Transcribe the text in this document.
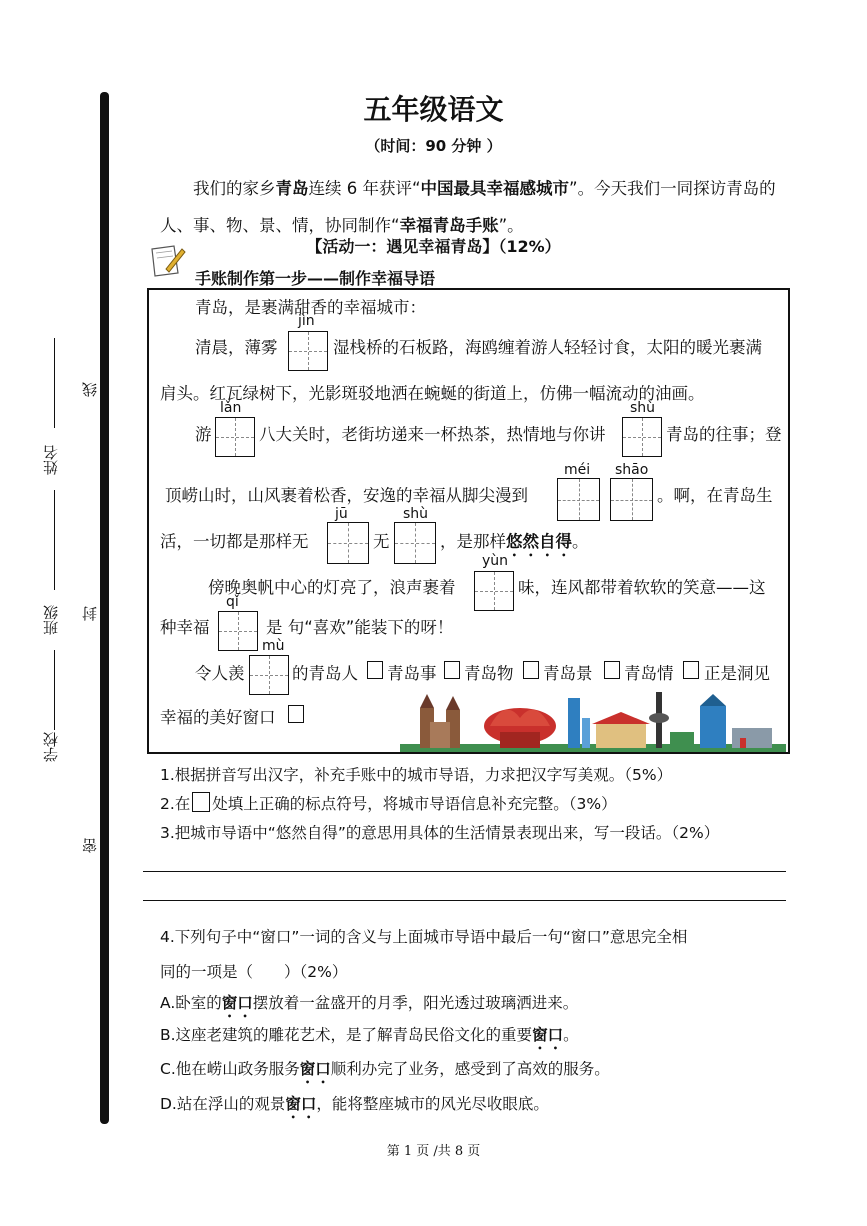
姓名
班级
学校
线
封
密
五年级语文
（时间：90 分钟 ）
我们的家乡青岛连续 6 年获评“中国最具幸福感城市”。今天我们一同探访青岛的人、事、物、景、情，协同制作“幸福青岛手账”。
【活动一：遇见幸福青岛】（12%）
手账制作第一步——制作幸福导语
青岛，是裹满甜香的幸福城市：
jìn
清晨，薄雾	湿栈桥的石板路，海鸥缠着游人轻轻讨食，太阳的暖光裹满
肩头。红瓦绿树下，光影斑驳地洒在蜿蜒的街道上，仿佛一幅流动的油画。
lǎn
游	八大关时，老街坊递来一杯热茶，热情地与你讲
shù
青岛的往事；登
顶崂山时，山风裹着松香，安逸的幸福从脚尖漫到
méi shāo
。啊，在青岛生
活，一切都是那样无
jū
无
shù
，是那样悠然自得。
傍晚奥帆中心的灯亮了，浪声裹着
yùn
味，连风都带着软软的笑意——这
种幸福
qǐ
是 句“喜欢”能装下的呀！
令人羡
mù
的青岛人 青岛事 青岛物 青岛景 青岛情 正是洞见
幸福的美好窗口
1.根据拼音写出汉字，补充手账中的城市导语，力求把汉字写美观。（5%）
2.在 处填上正确的标点符号，将城市导语信息补充完整。（3%）
3.把城市导语中“悠然自得”的意思用具体的生活情景表现出来，写一段话。（2%）
4.下列句子中“窗口”一词的含义与上面城市导语中最后一句“窗口”意思完全相
同的一项是（　　）（2%）
A.卧室的窗口摆放着一盆盛开的月季，阳光透过玻璃洒进来。
B.这座老建筑的雕花艺术，是了解青岛民俗文化的重要窗口。
C.他在崂山政务服务窗口顺利办完了业务，感受到了高效的服务。
D.站在浮山的观景窗口，能将整座城市的风光尽收眼底。
第 1 页 /共 8 页
